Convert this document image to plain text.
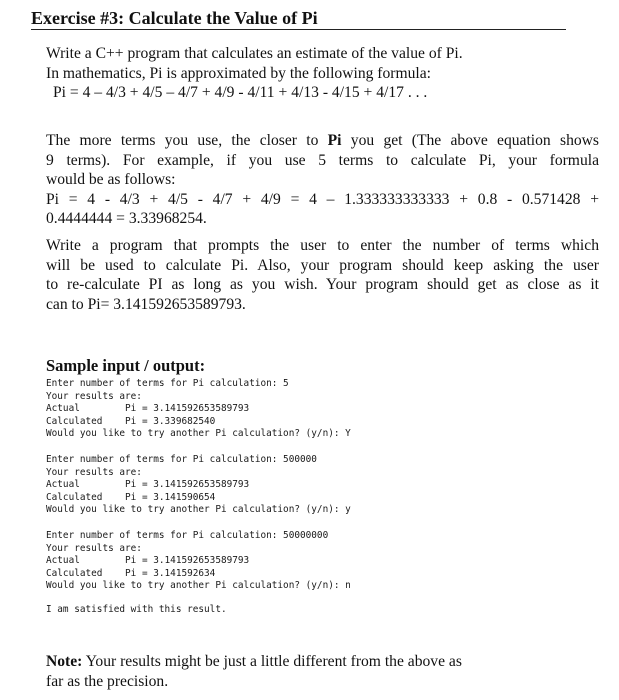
Exercise #3: Calculate the Value of Pi
Write a C++ program that calculates an estimate of the value of Pi.
In mathematics, Pi is approximated by the following formula:
Pi = 4 – 4/3 + 4/5 – 4/7 + 4/9 - 4/11 + 4/13 - 4/15 + 4/17 . . .
The more terms you use, the closer to Pi you get (The above equation shows
9 terms). For example, if you use 5 terms to calculate Pi, your formula
would be as follows:
Pi = 4 - 4/3 + 4/5 - 4/7 + 4/9 = 4 – 1.333333333333 + 0.8 - 0.571428 +
0.4444444 = 3.33968254.
Write a program that prompts the user to enter the number of terms which
will be used to calculate Pi. Also, your program should keep asking the user
to re-calculate PI as long as you wish. Your program should get as close as it
can to Pi= 3.141592653589793.
Sample input / output:
Enter number of terms for Pi calculation: 5
Your results are:
Actual        Pi = 3.141592653589793
Calculated    Pi = 3.339682540
Would you like to try another Pi calculation? (y/n): Y
Enter number of terms for Pi calculation: 500000
Your results are:
Actual        Pi = 3.141592653589793
Calculated    Pi = 3.141590654
Would you like to try another Pi calculation? (y/n): y
Enter number of terms for Pi calculation: 50000000
Your results are:
Actual        Pi = 3.141592653589793
Calculated    Pi = 3.141592634
Would you like to try another Pi calculation? (y/n): n
I am satisfied with this result.
Note: Your results might be just a little different from the above as
far as the precision.
